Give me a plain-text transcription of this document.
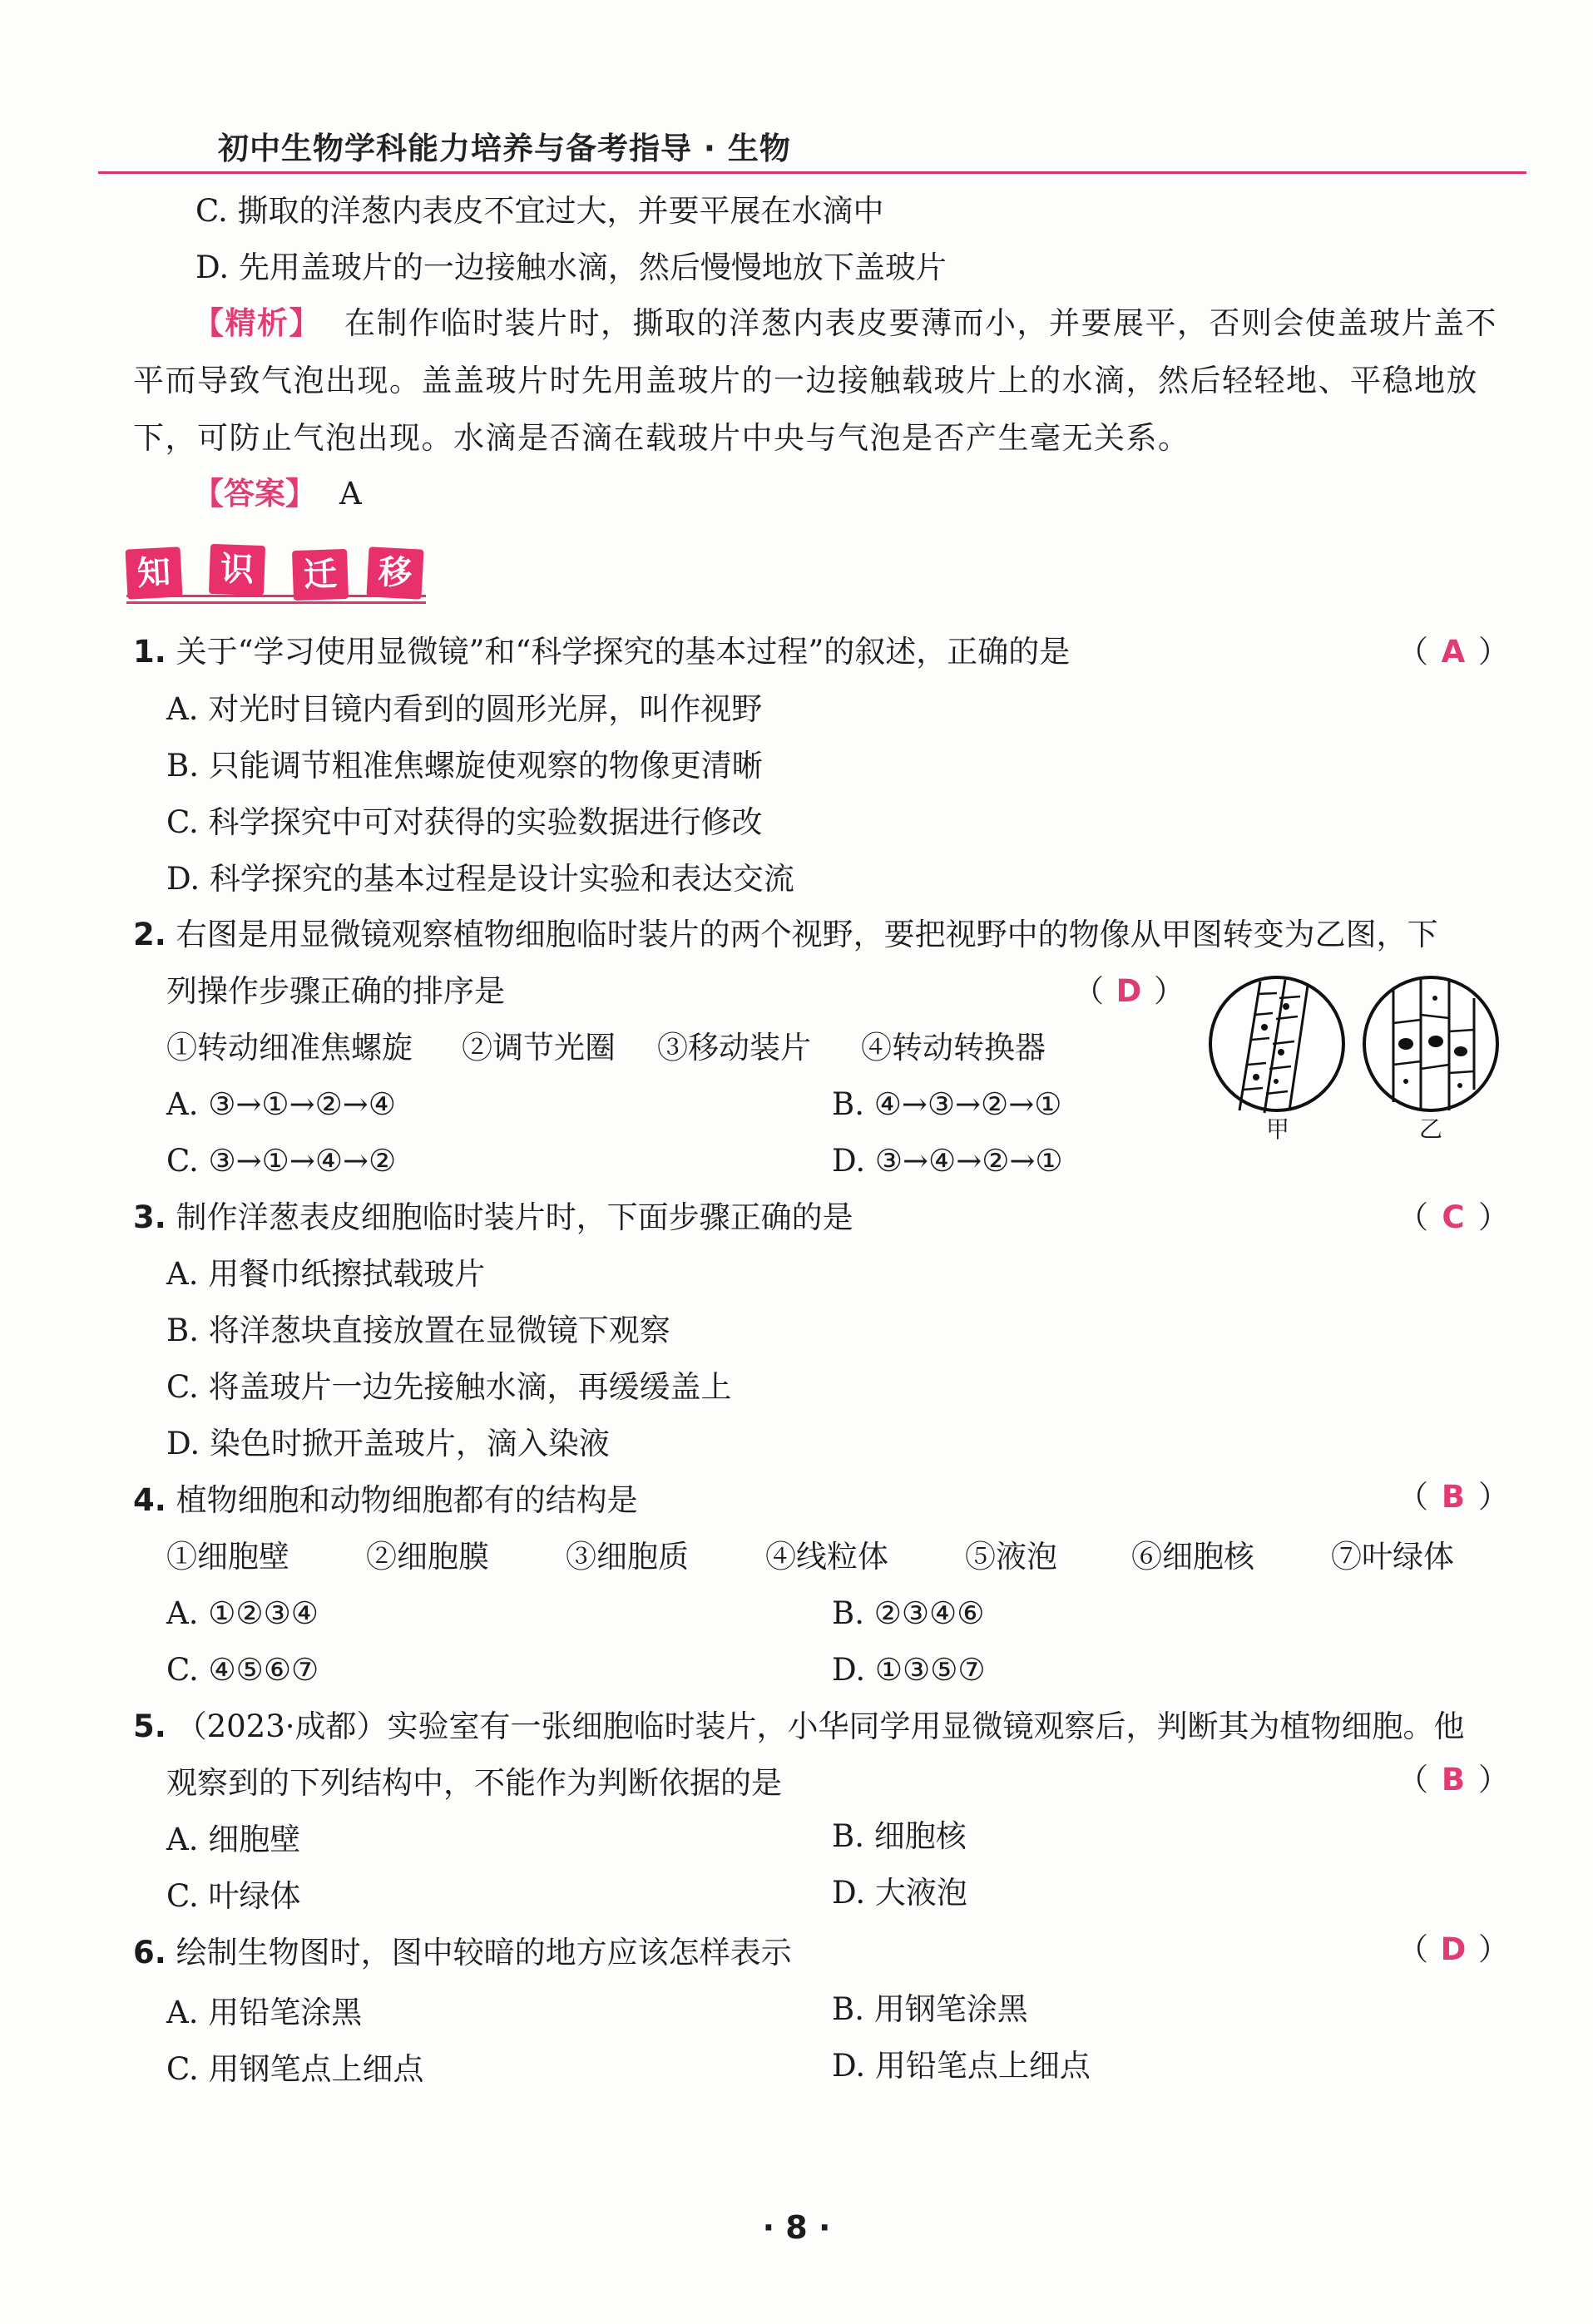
初中生物学科能力培养与备考指导 · 生物
C. 撕取的洋葱内表皮不宜过大，并要平展在水滴中
D. 先用盖玻片的一边接触水滴，然后慢慢地放下盖玻片
【精析】 在制作临时装片时，撕取的洋葱内表皮要薄而小，并要展平，否则会使盖玻片盖不平而导致气泡出现。盖盖玻片时先用盖玻片的一边接触载玻片上的水滴，然后轻轻地、平稳地放下，可防止气泡出现。水滴是否滴在载玻片中央与气泡是否产生毫无关系。
【答案】 A
知	识	迁	移
1. 关于“学习使用显微镜”和“科学探究的基本过程”的叙述，正确的是	（ A ）
A. 对光时目镜内看到的圆形光屏，叫作视野
B. 只能调节粗准焦螺旋使观察的物像更清晰
C. 科学探究中可对获得的实验数据进行修改
D. 科学探究的基本过程是设计实验和表达交流
2. 右图是用显微镜观察植物细胞临时装片的两个视野，要把视野中的物像从甲图转变为乙图，下
列操作步骤正确的排序是	（ D ）
①转动细准焦螺旋 ②调节光圈 ③移动装片 ④转动转换器
A. ③→①→②→④	B. ④→③→②→①
C. ③→①→④→②	D. ③→④→②→①
甲	乙
3. 制作洋葱表皮细胞临时装片时，下面步骤正确的是	（ C ）
A. 用餐巾纸擦拭载玻片
B. 将洋葱块直接放置在显微镜下观察
C. 将盖玻片一边先接触水滴，再缓缓盖上
D. 染色时掀开盖玻片，滴入染液
4. 植物细胞和动物细胞都有的结构是	（ B ）
①细胞壁 ②细胞膜 ③细胞质 ④线粒体 ⑤液泡 ⑥细胞核 ⑦叶绿体
A. ①②③④	B. ②③④⑥
C. ④⑤⑥⑦	D. ①③⑤⑦
5. （2023·成都）实验室有一张细胞临时装片，小华同学用显微镜观察后，判断其为植物细胞。他
观察到的下列结构中，不能作为判断依据的是	（ B ）
A. 细胞壁	B. 细胞核
C. 叶绿体	D. 大液泡
6. 绘制生物图时，图中较暗的地方应该怎样表示	（ D ）
A. 用铅笔涂黑	B. 用钢笔涂黑
C. 用钢笔点上细点	D. 用铅笔点上细点
· 8 ·
